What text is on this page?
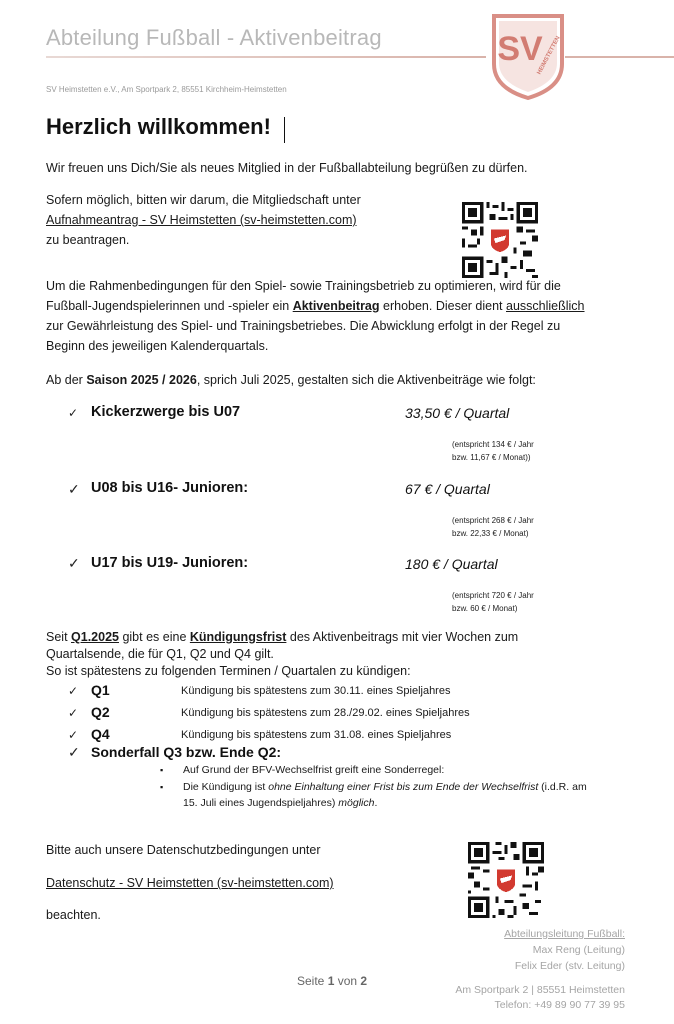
Abteilung Fußball - Aktivenbeitrag	SV
HEIMSTETTEN
SV Heimstetten e.V., Am Sportpark 2, 85551 Kirchheim-Heimstetten
Herzlich willkommen!
Wir freuen uns Dich/Sie als neues Mitglied in der Fußballabteilung begrüßen zu dürfen.
Sofern möglich, bitten wir darum, die Mitgliedschaft unter
Aufnahmeantrag - SV Heimstetten (sv-heimstetten.com)
zu beantragen.
Um die Rahmenbedingungen für den Spiel- sowie Trainingsbetrieb zu optimieren, wird für die
Fußball-Jugendspielerinnen und -spieler ein Aktivenbeitrag erhoben. Dieser dient ausschließlich
zur Gewährleistung des Spiel- und Trainingsbetriebes. Die Abwicklung erfolgt in der Regel zu
Beginn des jeweiligen Kalenderquartals.
Ab der Saison 2025 / 2026, sprich Juli 2025, gestalten sich die Aktivenbeiträge wie folgt:
✓ Kickerzwerge bis U07	33,50 € / Quartal
(entspricht 134 € / Jahr
bzw. 11,67 € / Monat))
✓ U08 bis U16- Junioren:	67 € / Quartal
(entspricht 268 € / Jahr
bzw. 22,33 € / Monat)
✓ U17 bis U19- Junioren:	180 € / Quartal
(entspricht 720 € / Jahr
bzw. 60 € / Monat)
Seit Q1.2025 gibt es eine Kündigungsfrist des Aktivenbeitrags mit vier Wochen zum
Quartalsende, die für Q1, Q2 und Q4 gilt.
So ist spätestens zu folgenden Terminen / Quartalen zu kündigen:
✓ Q1	Kündigung bis spätestens zum 30.11. eines Spieljahres
✓ Q2	Kündigung bis spätestens zum 28./29.02. eines Spieljahres
✓ Q4	Kündigung bis spätestens zum 31.08. eines Spieljahres
✓ Sonderfall Q3 bzw. Ende Q2:
▪ Auf Grund der BFV-Wechselfrist greift eine Sonderregel:
▪ Die Kündigung ist ohne Einhaltung einer Frist bis zum Ende der Wechselfrist (i.d.R. am
15. Juli eines Jugendspieljahres) möglich.
Bitte auch unsere Datenschutzbedingungen unter
Datenschutz - SV Heimstetten (sv-heimstetten.com)
beachten.
Abteilungsleitung Fußball:
Max Reng (Leitung)
Felix Eder (stv. Leitung)
Am Sportpark 2 | 85551 Heimstetten
Telefon: +49 89 90 77 39 95
Seite 1 von 2
